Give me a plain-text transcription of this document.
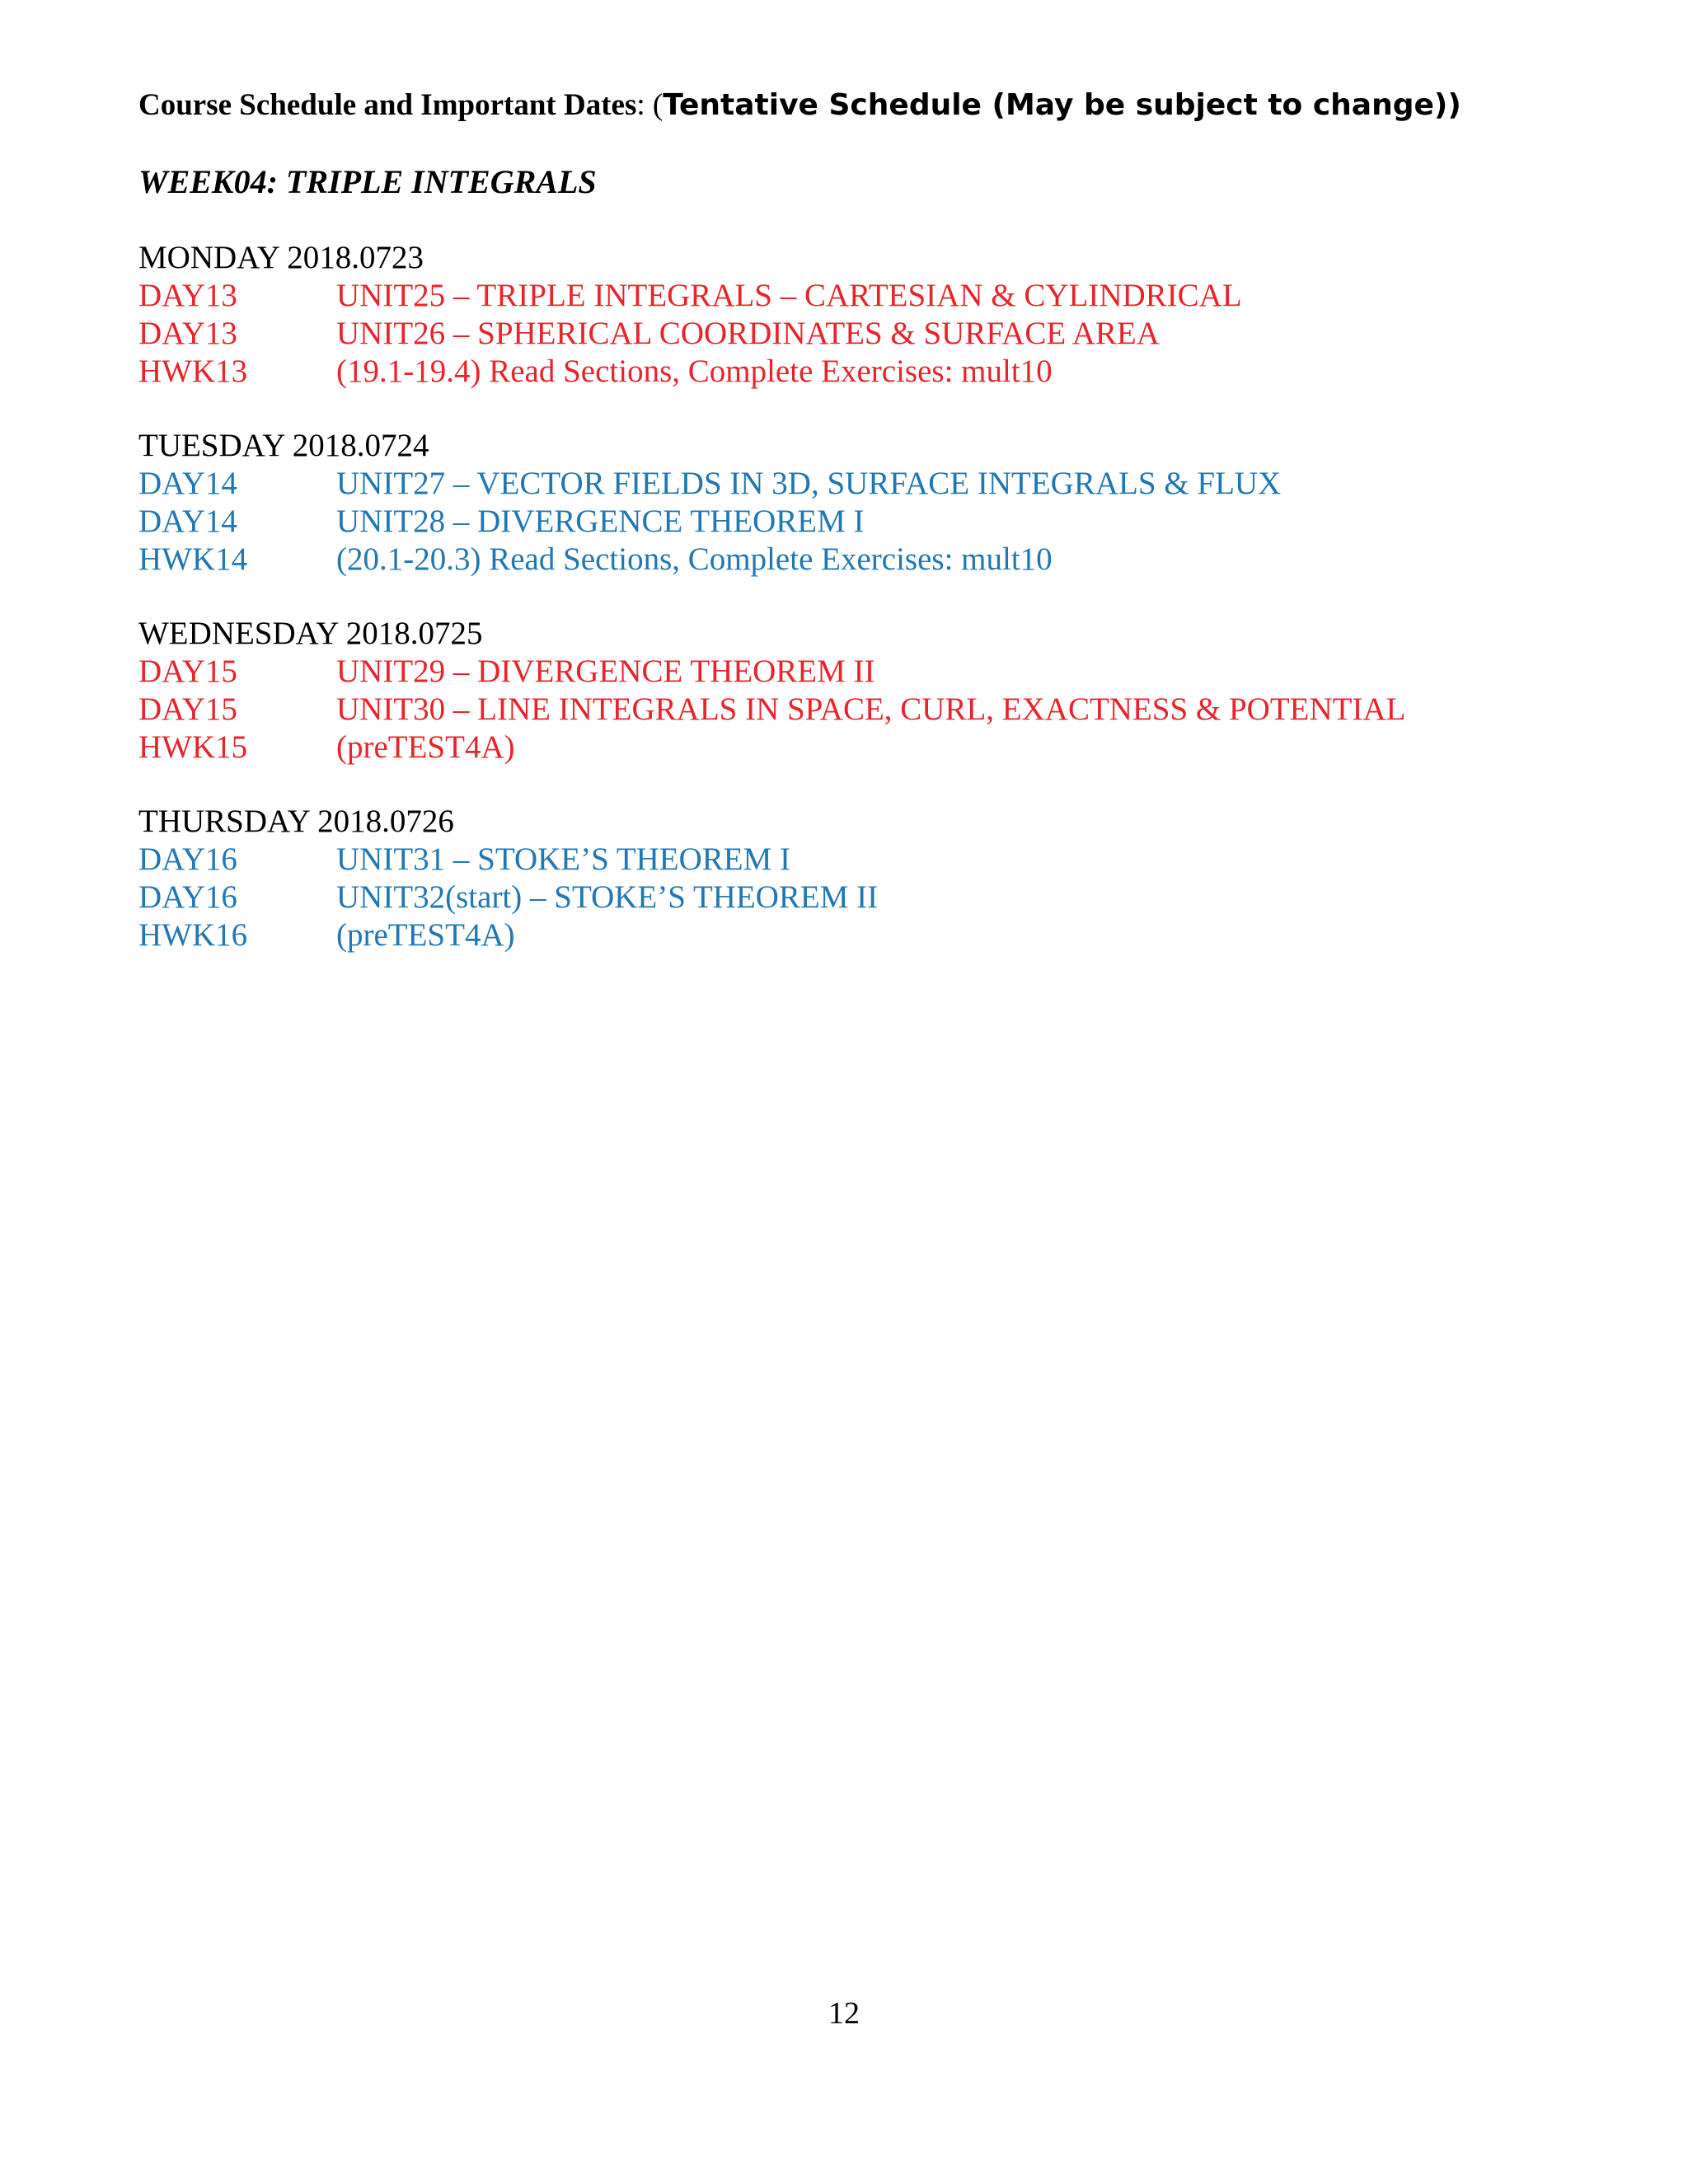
Course Schedule and Important Dates: (Tentative Schedule (May be subject to change))
WEEK04: TRIPLE INTEGRALS
MONDAY 2018.0723
DAY13	UNIT25 – TRIPLE INTEGRALS – CARTESIAN & CYLINDRICAL
DAY13	UNIT26 – SPHERICAL COORDINATES & SURFACE AREA
HWK13	(19.1-19.4) Read Sections, Complete Exercises: mult10
TUESDAY 2018.0724
DAY14	UNIT27 – VECTOR FIELDS IN 3D, SURFACE INTEGRALS & FLUX
DAY14	UNIT28 – DIVERGENCE THEOREM I
HWK14	(20.1-20.3) Read Sections, Complete Exercises: mult10
WEDNESDAY 2018.0725
DAY15	UNIT29 – DIVERGENCE THEOREM II
DAY15	UNIT30 – LINE INTEGRALS IN SPACE, CURL, EXACTNESS & POTENTIAL
HWK15	(preTEST4A)
THURSDAY 2018.0726
DAY16	UNIT31 – STOKE’S THEOREM I
DAY16	UNIT32(start) – STOKE’S THEOREM II
HWK16	(preTEST4A)
12
